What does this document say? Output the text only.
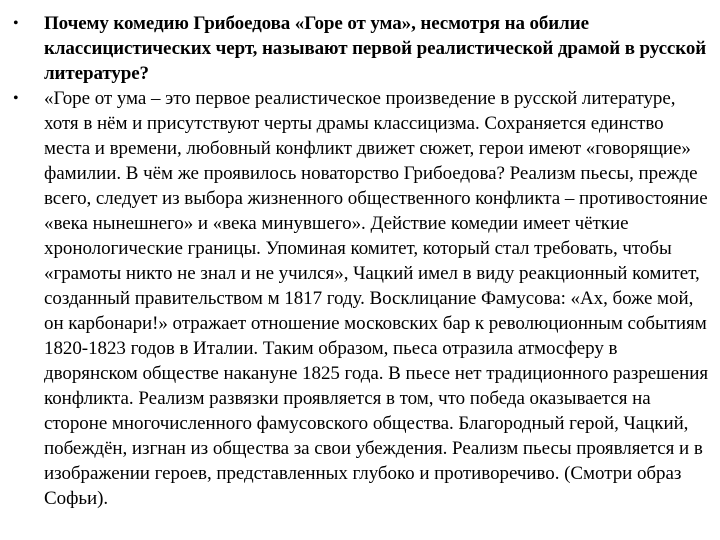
•	Почему комедию Грибоедова «Горе от ума», несмотря на обилие классицистических черт, называют первой реалистической драмой в русской литературе?
•	«Горе от ума – это первое реалистическое произведение в русской литературе, хотя в нём и присутствуют черты драмы классицизма. Сохраняется единство места и времени, любовный конфликт движет сюжет, герои имеют «говорящие» фамилии. В чём же проявилось новаторство Грибоедова? Реализм пьесы, прежде всего, следует из выбора жизненного общественного конфликта – противостояние «века нынешнего» и «века минувшего». Действие комедии имеет чёткие хронологические границы. Упоминая комитет, который стал требовать, чтобы «грамоты никто не знал и не учился», Чацкий имел в виду реакционный комитет, созданный правительством м 1817 году. Восклицание Фамусова: «Ах, боже мой, он карбонари!» отражает отношение московских бар к революционным событиям 1820-1823 годов в Италии. Таким образом, пьеса отразила атмосферу в дворянском обществе накануне 1825 года. В пьесе нет традиционного разрешения конфликта. Реализм развязки проявляется в том, что победа оказывается на стороне многочисленного фамусовского общества. Благородный герой, Чацкий, побеждён, изгнан из общества за свои убеждения. Реализм пьесы проявляется и в изображении героев, представленных глубоко и противоречиво. (Смотри образ Софьи).
